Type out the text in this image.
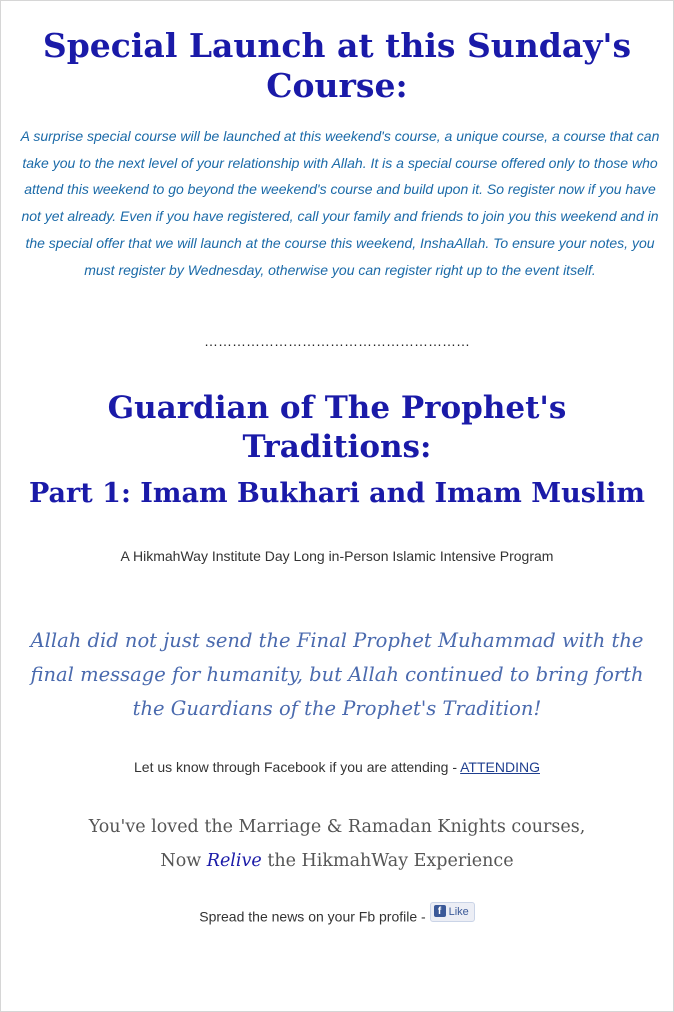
Special Launch at this Sunday's Course:

A surprise special course will be launched at this weekend's course, a unique course, a course that can take you to the next level of your relationship with Allah. It is a special course offered only to those who attend this weekend to go beyond the weekend's course and build upon it. So register now if you have not yet already. Even if you have registered, call your family and friends to join you this weekend and in the special offer that we will launch at the course this weekend, InshaAllah. To ensure your notes, you must register by Wednesday, otherwise you can register right up to the event itself.

…………………………………………………
Guardian of The Prophet's Traditions:
Part 1: Imam Bukhari and Imam Muslim

A HikmahWay Institute Day Long in-Person Islamic Intensive Program

Allah did not just send the Final Prophet Muhammad with the final message for humanity, but Allah continued to bring forth the Guardians of the Prophet's Tradition!

Let us know through Facebook if you are attending - ATTENDING

You've loved the Marriage & Ramadan Knights courses,
Now Relive the HikmahWay Experience

Spread the news on your Fb profile - f Like
